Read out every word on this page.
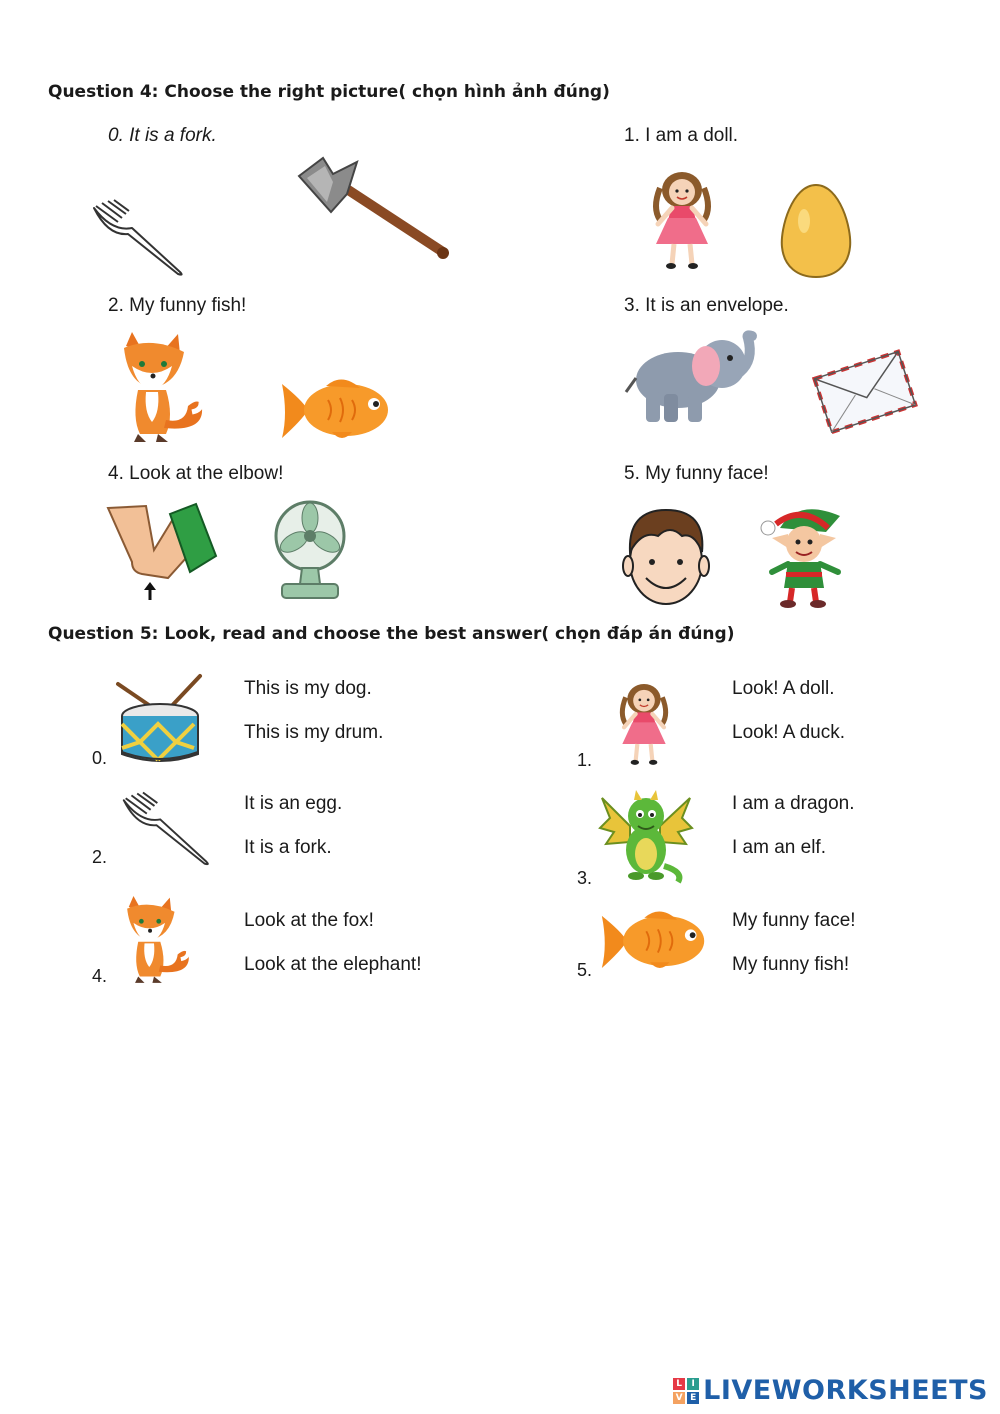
Question 4: Choose the right picture( chọn hình ảnh đúng)
0. It is a fork.	1. I am a doll.
2. My funny fish!	3. It is an envelope.
4. Look at the elbow!	5. My funny face!
Question 5: Look, read and choose the best answer( chọn đáp án đúng)
0.
This is my dog.
This is my drum.
1.
Look! A doll.
Look! A duck.
2.
It is an egg.
It is a fork.
3.
I am a dragon.
I am an elf.
4.
Look at the fox!
Look at the elephant!	5.
My funny face!
My funny fish!
L	I
V E LIVEWORKSHEETS
